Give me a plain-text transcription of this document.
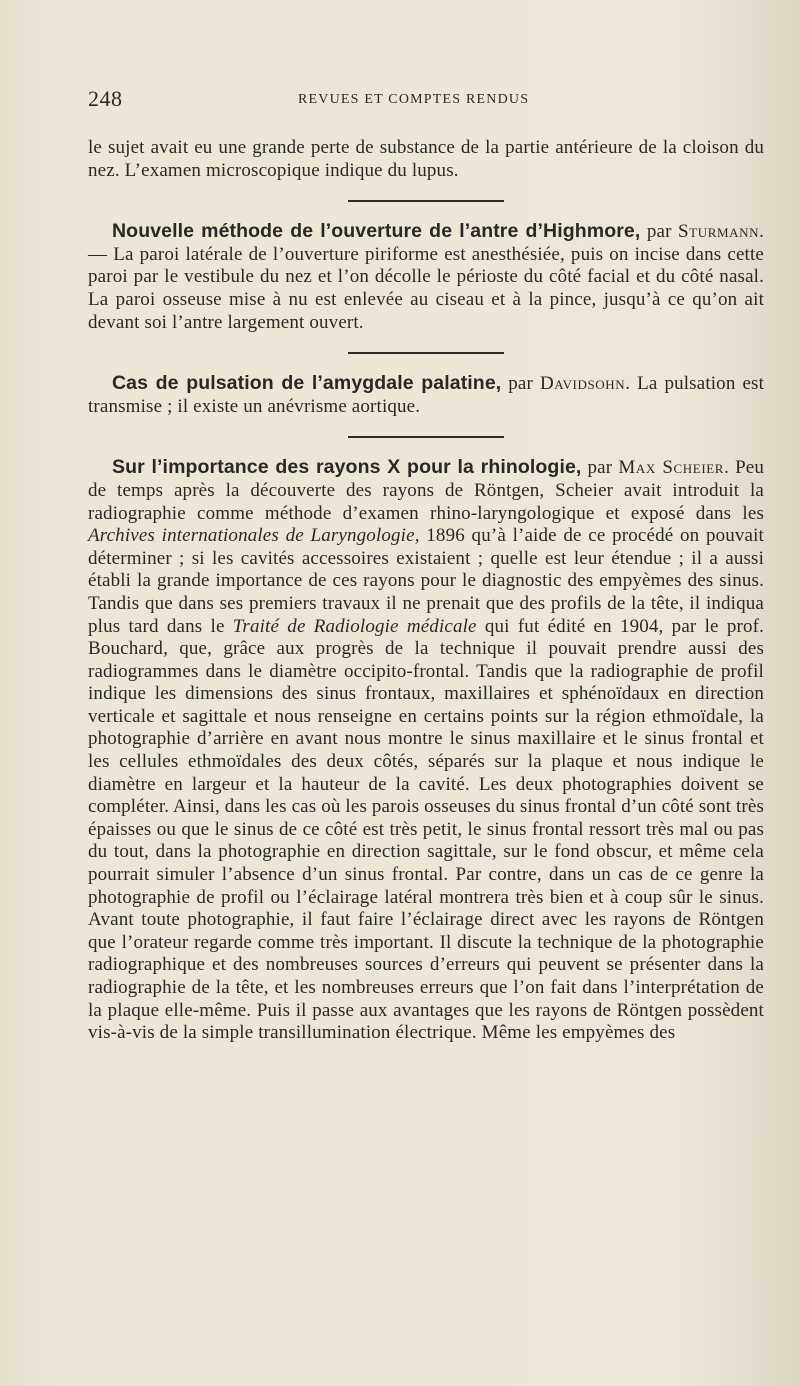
248	REVUES ET COMPTES RENDUS

le sujet avait eu une grande perte de substance de la partie antérieure de la cloison du nez. L’examen microscopique indique du lupus.

Nouvelle méthode de l’ouverture de l’antre d’Highmore, par Sturmann. — La paroi latérale de l’ouverture piriforme est anesthésiée, puis on incise dans cette paroi par le vestibule du nez et l’on décolle le périoste du côté facial et du côté nasal. La paroi osseuse mise à nu est enlevée au ciseau et à la pince, jusqu’à ce qu’on ait devant soi l’antre largement ouvert.

Cas de pulsation de l’amygdale palatine, par Davidsohn. La pulsation est transmise ; il existe un anévrisme aortique.

Sur l’importance des rayons X pour la rhinologie, par Max Scheier. Peu de temps après la découverte des rayons de Röntgen, Scheier avait introduit la radiographie comme méthode d’examen rhino-laryngologique et exposé dans les Archives internationales de Laryngologie, 1896 qu’à l’aide de ce procédé on pouvait déterminer ; si les cavités accessoires existaient ; quelle est leur étendue ; il a aussi établi la grande importance de ces rayons pour le diagnostic des empyèmes des sinus. Tandis que dans ses premiers travaux il ne prenait que des profils de la tête, il indiqua plus tard dans le Traité de Radiologie médicale qui fut édité en 1904, par le prof. Bouchard, que, grâce aux progrès de la technique il pouvait prendre aussi des radiogrammes dans le diamètre occipito-frontal. Tandis que la radiographie de profil indique les dimensions des sinus frontaux, maxillaires et sphénoïdaux en direction verticale et sagittale et nous renseigne en certains points sur la région ethmoïdale, la photographie d’arrière en avant nous montre le sinus maxillaire et le sinus frontal et les cellules ethmoïdales des deux côtés, séparés sur la plaque et nous indique le diamètre en largeur et la hauteur de la cavité. Les deux photographies doivent se compléter. Ainsi, dans les cas où les parois osseuses du sinus frontal d’un côté sont très épaisses ou que le sinus de ce côté est très petit, le sinus frontal ressort très mal ou pas du tout, dans la photographie en direction sagittale, sur le fond obscur, et même cela pourrait simuler l’absence d’un sinus frontal. Par contre, dans un cas de ce genre la photographie de profil ou l’éclairage latéral montrera très bien et à coup sûr le sinus. Avant toute photographie, il faut faire l’éclairage direct avec les rayons de Röntgen que l’orateur regarde comme très important. Il discute la technique de la photographie radiographique et des nombreuses sources d’erreurs qui peuvent se présenter dans la radiographie de la tête, et les nombreuses erreurs que l’on fait dans l’interprétation de la plaque elle-même. Puis il passe aux avantages que les rayons de Röntgen possèdent vis-à-vis de la simple transillumination électrique. Même les empyèmes des
